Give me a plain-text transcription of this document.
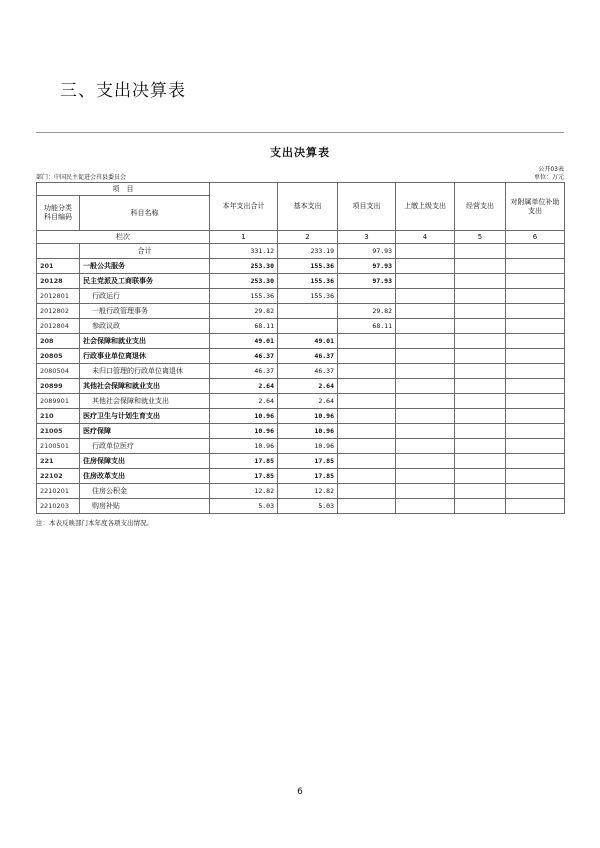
三、支出决算表
支出决算表
公开03表
部门：中国民主促进会莒县委员会	单位：万元
项　目		本年支出合计	基本支出	项目支出	上缴上级支出	经营支出	对附属单位补助支出
功能分类
科目编码	科目名称						
栏次		1	2	3	4	5	6
	合计	331.12	233.19	97.93			
201	一般公共服务	253.30	155.36	97.93			
20128	民主党派及工商联事务	253.30	155.36	97.93			
2012801	行政运行	155.36	155.36				
2012802	一般行政管理事务	29.82		29.82			
2012804	参政议政	68.11		68.11			
208	社会保障和就业支出	49.01	49.01				
20805	行政事业单位离退休	46.37	46.37				
2080504	未归口管理的行政单位离退休	46.37	46.37				
20899	其他社会保障和就业支出	2.64	2.64				
2089901	其他社会保障和就业支出	2.64	2.64				
210	医疗卫生与计划生育支出	10.96	10.96				
21005	医疗保障	10.96	10.96				
2100501	行政单位医疗	10.96	10.96				
221	住房保障支出	17.85	17.85				
22102	住房改革支出	17.85	17.85				
2210201	住房公积金	12.82	12.82				
2210203	购房补贴	5.03	5.03				
注：本表反映部门本年度各项支出情况。
6
